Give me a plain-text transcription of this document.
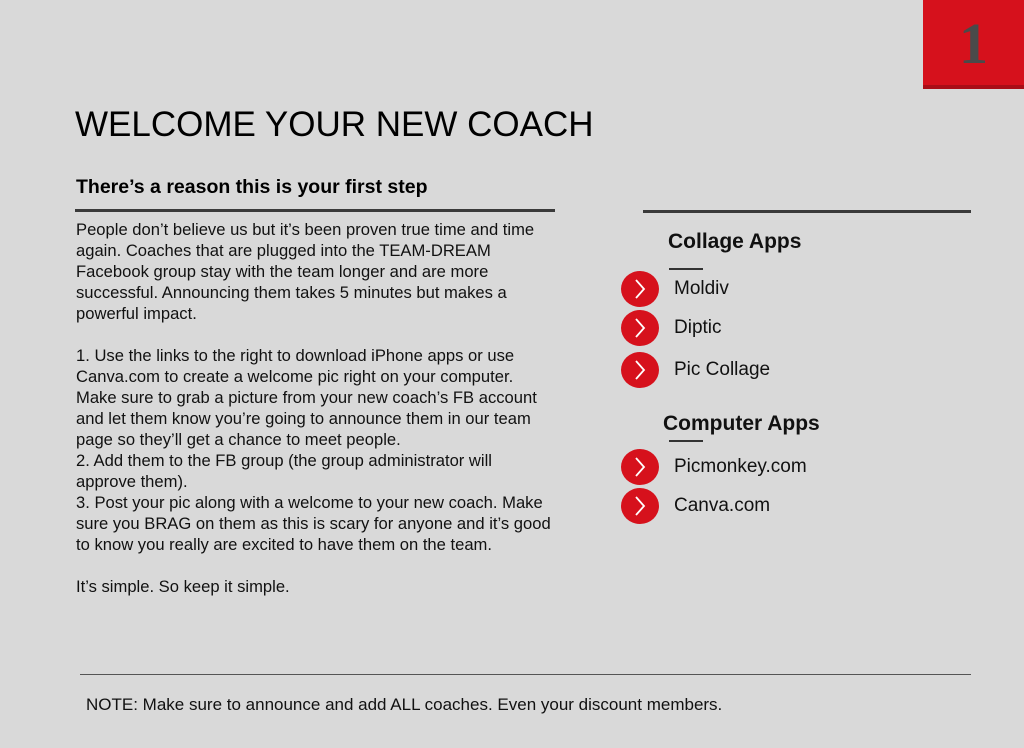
1
WELCOME YOUR NEW COACH
There’s a reason this is your first step

People don’t believe us but it’s been proven true time and time again. Coaches that are plugged into the TEAM-DREAM Facebook group stay with the team longer and are more successful. Announcing them takes 5 minutes but makes a powerful impact.

1. Use the links to the right to download iPhone apps or use Canva.com to create a welcome pic right on your computer. Make sure to grab a picture from your new coach’s FB account and let them know you’re going to announce them in our team page so they’ll get a chance to meet people.

2. Add them to the FB group (the group administrator will approve them).

3. Post your pic along with a welcome to your new coach. Make sure you BRAG on them as this is scary for anyone and it’s good to know you really are excited to have them on the team.

It’s simple. So keep it simple.

Collage Apps
Moldiv
Diptic
Pic Collage
Computer Apps
Picmonkey.com
Canva.com
NOTE: Make sure to announce and add ALL coaches. Even your discount members.
